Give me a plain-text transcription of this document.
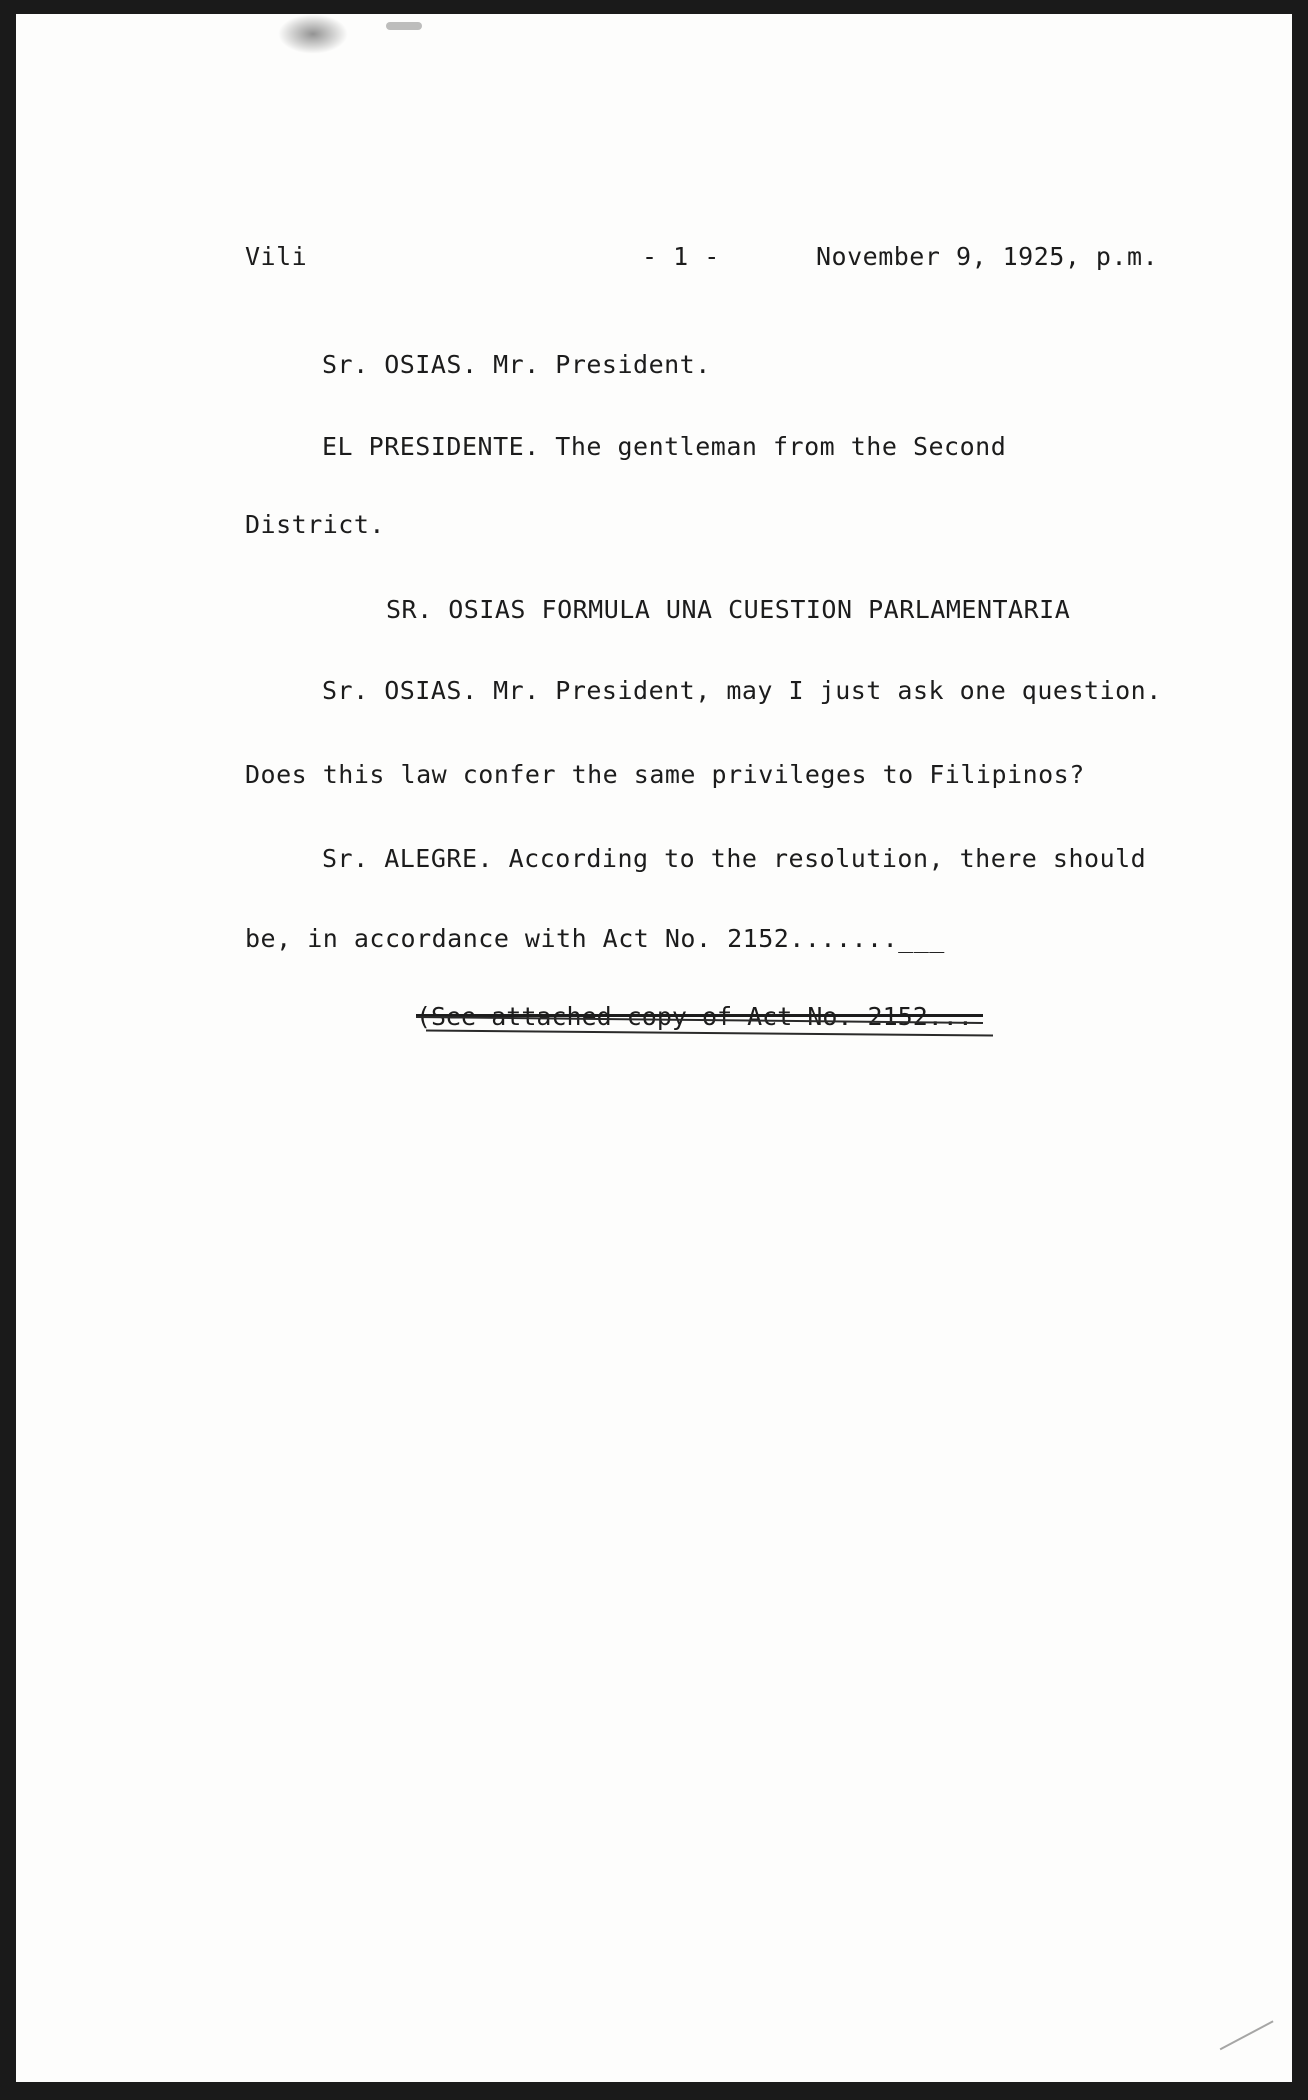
Vili	- 1 -	November 9, 1925, p.m.
Sr. OSIAS. Mr. President.
EL PRESIDENTE. The gentleman from the Second
District.
SR. OSIAS FORMULA UNA CUESTION PARLAMENTARIA
Sr. OSIAS. Mr. President, may I just ask one question.
Does this law confer the same privileges to Filipinos?
Sr. ALEGRE. According to the resolution, there should
be, in accordance with Act No. 2152.......___
